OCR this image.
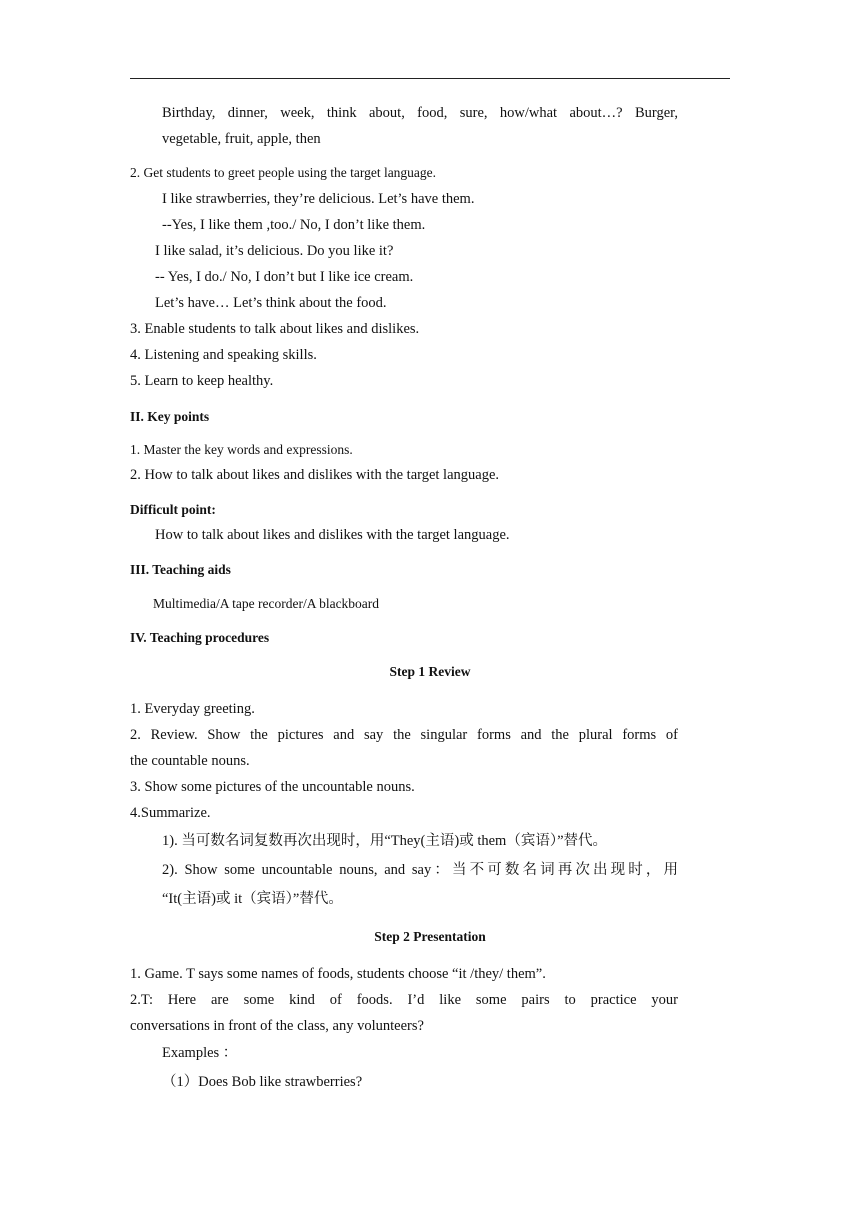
Birthday, dinner, week, think about, food, sure, how/what about…? Burger,
vegetable, fruit, apple, then
2. Get students to greet people using the target language.
I like strawberries, they’re delicious. Let’s have them.
--Yes, I like them ,too./ No, I don’t like them.
I like salad, it’s delicious. Do you like it?
-- Yes, I do./ No, I don’t but I like ice cream.
Let’s have… Let’s think about the food.
3. Enable students to talk about likes and dislikes.
4. Listening and speaking skills.
5. Learn to keep healthy.
II. Key points
1. Master the key words and expressions.
2. How to talk about likes and dislikes with the target language.
Difficult point:
How to talk about likes and dislikes with the target language.
III. Teaching aids
Multimedia/A tape recorder/A blackboard
IV. Teaching procedures
Step 1 Review
1. Everyday greeting.
2. Review. Show the pictures and say the singular forms and the plural forms of
the countable nouns.
3. Show some pictures of the uncountable nouns.
4.Summarize.
1). 当可数名词复数再次出现时，用“They(主语)或 them（宾语）”替代。
2). Show some uncountable nouns, and say：当不可数名词再次出现时，用
“It(主语)或 it（宾语）”替代。
Step 2 Presentation
1. Game. T says some names of foods, students choose “it /they/ them”.
2.T: Here are some kind of foods. I’d like some pairs to practice your
conversations in front of the class, any volunteers?
Examples ：
（1）Does Bob like strawberries?
